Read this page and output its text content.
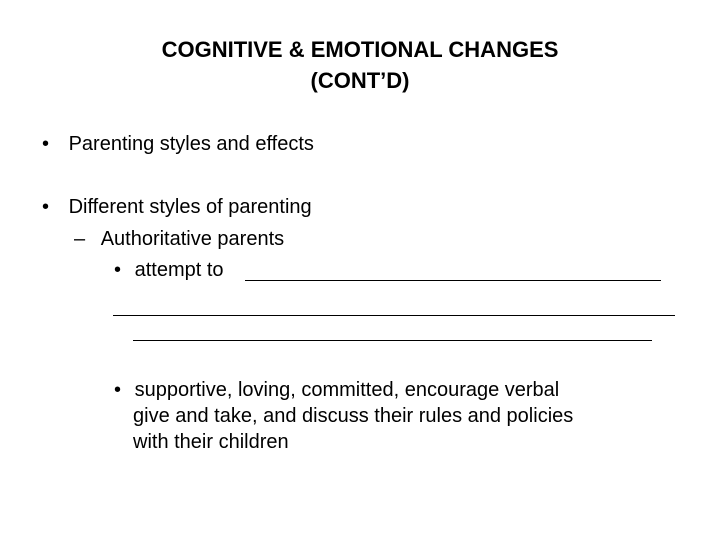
COGNITIVE & EMOTIONAL CHANGES
(CONT’D)
• Parenting styles and effects
• Different styles of parenting
– Authoritative parents
• attempt to
• supportive, loving, committed, encourage verbal
give and take, and discuss their rules and policies
with their children
